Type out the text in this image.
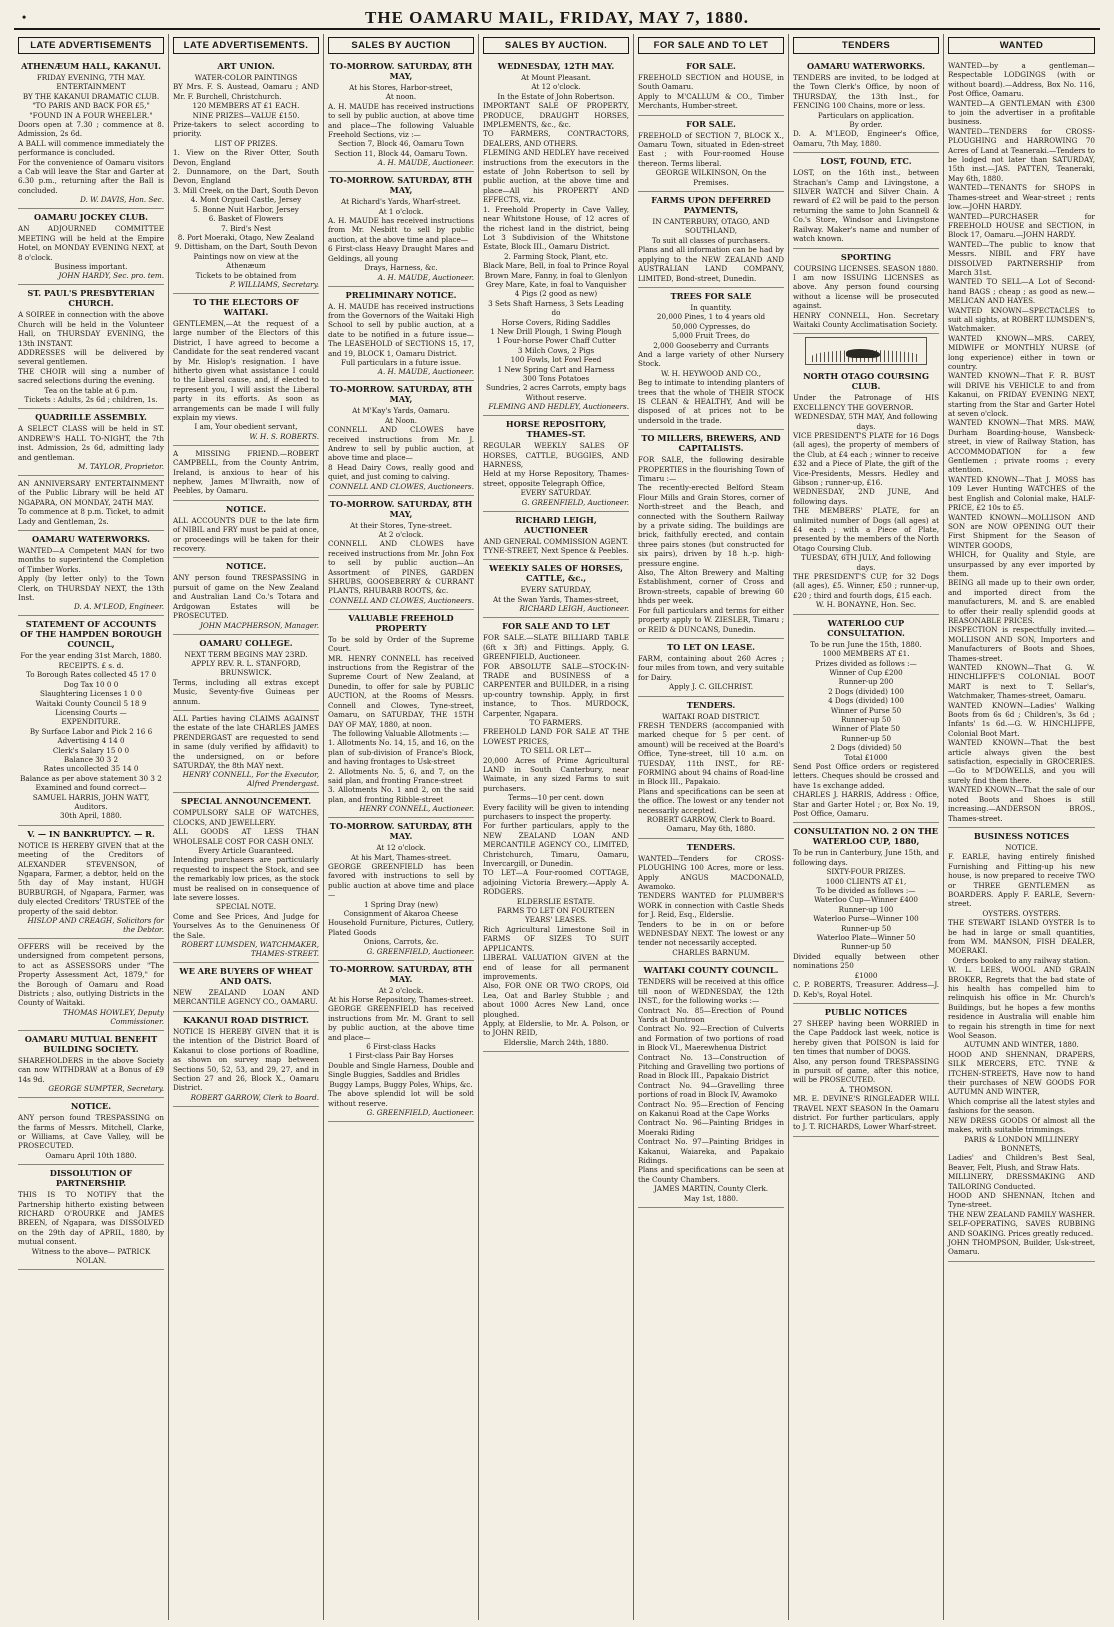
•	THE OAMARU MAIL, FRIDAY, MAY 7, 1880.
LATE ADVERTISEMENTS
ATHENÆUM HALL, KAKANUI.
FRIDAY EVENING, 7TH MAY.
ENTERTAINMENT
BY THE KAKANUI DRAMATIC CLUB.
"TO PARIS AND BACK FOR £5,"
"FOUND IN A FOUR WHEELER."
Doors open at 7.30 ; commence at 8. Admission, 2s 6d.
A BALL will commence immediately the performance is concluded.
For the convenience of Oamaru visitors a Cab will leave the Star and Garter at 6.30 p.m., returning after the Ball is concluded.
D. W. DAVIS, Hon. Sec.
OAMARU JOCKEY CLUB.
AN ADJOURNED COMMITTEE MEETING will be held at the Empire Hotel, on MONDAY EVENING NEXT, at 8 o'clock.
Business important.
JOHN HARDY, Sec. pro. tem.
ST. PAUL'S PRESBYTERIAN CHURCH.
A SOIREE in connection with the above Church will be held in the Volunteer Hall, on THURSDAY EVENING, the 13th INSTANT.
ADDRESSES will be delivered by several gentlemen.
THE CHOIR will sing a number of sacred selections during the evening.
Tea on the table at 6 p.m.
Tickets : Adults, 2s 6d ; children, 1s.
QUADRILLE ASSEMBLY.
A SELECT CLASS will be held in ST. ANDREW'S HALL TO-NIGHT, the 7th inst. Admission, 2s 6d, admitting lady and gentleman.
M. TAYLOR, Proprietor.
AN ANNIVERSARY ENTERTAINMENT of the Public Library will be held AT NGAPARA, ON MONDAY, 24TH MAY.
To commence at 8 p.m. Ticket, to admit Lady and Gentleman, 2s.
OAMARU WATERWORKS.
WANTED—A Competent MAN for two months to superintend the Completion of Timber Works.
Apply (by letter only) to the Town Clerk, on THURSDAY NEXT, the 13th Inst.
D. A. M'LEOD, Engineer.
STATEMENT OF ACCOUNTS OF THE HAMPDEN BOROUGH COUNCIL,
For the year ending 31st March, 1880.
RECEIPTS. £ s. d.
To Borough Rates collected 45 17 0
Dog Tax 10 0 0
Slaughtering Licenses 1 0 0
Waitaki County Council 5 18 9
Licensing Courts —
EXPENDITURE.
By Surface Labor and Pick 2 16 6
Advertising 4 14 0
Clerk's Salary 15 0 0
Balance 30 3 2
Rates uncollected 35 14 0
Balance as per above statement 30 3 2
Examined and found correct—
SAMUEL HARRIS, JOHN WATT, Auditors.
30th April, 1880.
V. — IN BANKRUPTCY. — R.
NOTICE IS HEREBY GIVEN that at the meeting of the Creditors of ALEXANDER STEVENSON, of Ngapara, Farmer, a debtor, held on the 5th day of May instant, HUGH BURBURGH, of Ngapara, Farmer, was duly elected Creditors' TRUSTEE of the property of the said debtor.
HISLOP AND CREAGH, Solicitors for the Debtor.
OFFERS will be received by the undersigned from competent persons, to act as ASSESSORS under "The Property Assessment Act, 1879," for the Borough of Oamaru and Road Districts ; also, outlying Districts in the County of Waitaki.
THOMAS HOWLEY, Deputy Commissioner.
OAMARU MUTUAL BENEFIT BUILDING SOCIETY.
SHAREHOLDERS in the above Society can now WITHDRAW at a Bonus of £9 14s 9d.
GEORGE SUMPTER, Secretary.
NOTICE.
ANY person found TRESPASSING on the farms of Messrs. Mitchell, Clarke, or Williams, at Cave Valley, will be PROSECUTED.
Oamaru April 10th 1880.
DISSOLUTION OF PARTNERSHIP.
THIS IS TO NOTIFY that the Partnership hitherto existing between RICHARD O'ROURKE and JAMES BREEN, of Ngapara, was DISSOLVED on the 29th day of APRIL, 1880, by mutual consent.
Witness to the above— PATRICK NOLAN.
LATE ADVERTISEMENTS.
ART UNION.
WATER-COLOR PAINTINGS
BY Mrs. F. S. Austead, Oamaru ; AND Mr. F. Burchell, Christchurch.
120 MEMBERS AT £1 EACH.
NINE PRIZES—VALUE £150.
Prize-takers to select according to priority.
LIST OF PRIZES.
1. View on the River Otter, South Devon, England
2. Dunnamore, on the Dart, South Devon, England
3. Mill Creek, on the Dart, South Devon
4. Mont Orgueil Castle, Jersey
5. Bonne Nuit Harbor, Jersey
6. Basket of Flowers
7. Bird's Nest
8. Port Moeraki, Otago, New Zealand
9. Dittisham, on the Dart, South Devon
Paintings now on view at the Athenæum
Tickets to be obtained from
P. WILLIAMS, Secretary.
TO THE ELECTORS OF WAITAKI.
GENTLEMEN,—At the request of a large number of the Electors of this District, I have agreed to become a Candidate for the seat rendered vacant by Mr. Hislop's resignation. I have hitherto given what assistance I could to the Liberal cause, and, if elected to represent you, I will assist the Liberal party in its efforts. As soon as arrangements can be made I will fully explain my views.
I am, Your obedient servant,
W. H. S. ROBERTS.
A MISSING FRIEND.—ROBERT CAMPBELL, from the County Antrim, Ireland, is anxious to hear of his nephew, James M'Ilwraith, now of Peebles, by Oamaru.
NOTICE.
ALL ACCOUNTS DUE to the late firm of NIBIL and FRY must be paid at once, or proceedings will be taken for their recovery.
NOTICE.
ANY person found TRESPASSING in pursuit of game on the New Zealand and Australian Land Co.'s Totara and Ardgowan Estates will be PROSECUTED.
JOHN MACPHERSON, Manager.
OAMARU COLLEGE.
NEXT TERM BEGINS MAY 23RD.
APPLY REV. R. L. STANFORD, BRUNSWICK.
Terms, including all extras except Music, Seventy-five Guineas per annum.
ALL Parties having CLAIMS AGAINST the estate of the late CHARLES JAMES PRENDERGAST are requested to send in same (duly verified by affidavit) to the undersigned, on or before SATURDAY, the 8th MAY next.
HENRY CONNELL, For the Executor, Alfred Prendergast.
SPECIAL ANNOUNCEMENT.
COMPULSORY SALE OF WATCHES, CLOCKS, AND JEWELLERY.
ALL GOODS AT LESS THAN WHOLESALE COST FOR CASH ONLY.
Every Article Guaranteed.
Intending purchasers are particularly requested to inspect the Stock, and see the remarkably low prices, as the stock must be realised on in consequence of late severe losses.
SPECIAL NOTE.
Come and See Prices, And Judge for Yourselves As to the Genuineness Of the Sale.
ROBERT LUMSDEN, WATCHMAKER, THAMES-STREET.
WE ARE BUYERS OF WHEAT AND OATS.
NEW ZEALAND LOAN AND MERCANTILE AGENCY CO., OAMARU.
KAKANUI ROAD DISTRICT.
NOTICE IS HEREBY GIVEN that it is the intention of the District Board of Kakanui to close portions of Roadline, as shown on survey map between Sections 50, 52, 53, and 29, 27, and in Section 27 and 26, Block X., Oamaru District.
ROBERT GARROW, Clerk to Board.
SALES BY AUCTION
TO-MORROW. SATURDAY, 8TH MAY,
At his Stores, Harbor-street,
At noon.
A. H. MAUDE has received instructions to sell by public auction, at above time and place—The following Valuable Freehold Sections, viz :—
Section 7, Block 46, Oamaru Town
Section 11, Block 44, Oamaru Town.
A. H. MAUDE, Auctioneer.
TO-MORROW. SATURDAY, 8TH MAY,
At Richard's Yards, Wharf-street.
At 1 o'clock.
A. H. MAUDE has received instructions from Mr. Nesbitt to sell by public auction, at the above time and place—
6 First-class Heavy Draught Mares and Geldings, all young
Drays, Harness, &c.
A. H. MAUDE, Auctioneer.
PRELIMINARY NOTICE.
A. H. MAUDE has received instructions from the Governors of the Waitaki High School to sell by public auction, at a date to be notified in a future issue—The LEASEHOLD of SECTIONS 15, 17, and 19, BLOCK 1, Oamaru District.
Full particulars in a future issue.
A. H. MAUDE, Auctioneer.
TO-MORROW. SATURDAY, 8TH MAY,
At M'Kay's Yards, Oamaru.
At Noon.
CONNELL AND CLOWES have received instructions from Mr. J. Andrew to sell by public auction, at above time and place—
8 Head Dairy Cows, really good and quiet, and just coming to calving.
CONNELL AND CLOWES, Auctioneers.
TO-MORROW. SATURDAY, 8TH MAY,
At their Stores, Tyne-street.
At 2 o'clock.
CONNELL AND CLOWES have received instructions from Mr. John Fox to sell by public auction—An Assortment of PINES, GARDEN SHRUBS, GOOSEBERRY & CURRANT PLANTS, RHUBARB ROOTS, &c.
CONNELL AND CLOWES, Auctioneers.
VALUABLE FREEHOLD PROPERTY
To be sold by Order of the Supreme Court.
MR. HENRY CONNELL has received instructions from the Registrar of the Supreme Court of New Zealand, at Dunedin, to offer for sale by PUBLIC AUCTION, at the Rooms of Messrs. Connell and Clowes, Tyne-street, Oamaru, on SATURDAY, THE 15TH DAY OF MAY, 1880, at noon.
The following Valuable Allotments :—
1. Allotments No. 14, 15, and 16, on the plan of sub-division of France's Block, and having frontages to Usk-street
2. Allotments No. 5, 6, and 7, on the said plan, and fronting France-street
3. Allotments No. 1 and 2, on the said plan, and fronting Ribble-street
HENRY CONNELL, Auctioneer.
TO-MORROW. SATURDAY, 8TH MAY.
At 12 o'clock.
At his Mart, Thames-street.
GEORGE GREENFIELD has been favored with instructions to sell by public auction at above time and place—
1 Spring Dray (new)
Consignment of Akaroa Cheese
Household Furniture, Pictures, Cutlery, Plated Goods
Onions, Carrots, &c.
G. GREENFIELD, Auctioneer.
TO-MORROW. SATURDAY, 8TH MAY.
At 2 o'clock.
At his Horse Repository, Thames-street.
GEORGE GREENFIELD has received instructions from Mr. M. Grant to sell by public auction, at the above time and place—
6 First-class Hacks
1 First-class Pair Bay Horses
Double and Single Harness, Double and Single Buggies, Saddles and Bridles
Buggy Lamps, Buggy Poles, Whips, &c.
The above splendid lot will be sold without reserve.
G. GREENFIELD, Auctioneer.
SALES BY AUCTION.
WEDNESDAY, 12TH MAY.
At Mount Pleasant.
At 12 o'clock.
In the Estate of John Robertson.
IMPORTANT SALE OF PROPERTY, PRODUCE, DRAUGHT HORSES, IMPLEMENTS, &c., &c.
TO FARMERS, CONTRACTORS, DEALERS, AND OTHERS.
FLEMING AND HEDLEY have received instructions from the executors in the estate of John Robertson to sell by public auction, at the above time and place—All his PROPERTY AND EFFECTS, viz.
1. Freehold Property in Cave Valley, near Whitstone House, of 12 acres of the richest land in the district, being Lot 3 Subdivision of the Whitstone Estate, Block III., Oamaru District.
2. Farming Stock, Plant, etc.
Black Mare, Bell, in foal to Prince Royal
Brown Mare, Fanny, in foal to Glenlyon
Grey Mare, Kate, in foal to Vanquisher
4 Pigs (2 good as new)
3 Sets Shaft Harness, 3 Sets Leading do
Horse Covers, Riding Saddles
1 New Drill Plough, 1 Swing Plough
1 Four-horse Power Chaff Cutter
3 Milch Cows, 2 Pigs
100 Fowls, lot Fowl Feed
1 New Spring Cart and Harness
300 Tons Potatoes
Sundries, 2 acres Carrots, empty bags
Without reserve.
FLEMING AND HEDLEY, Auctioneers.
HORSE REPOSITORY, THAMES-ST.
REGULAR WEEKLY SALES OF HORSES, CATTLE, BUGGIES, AND HARNESS,
Held at my Horse Repository, Thames-street, opposite Telegraph Office,
EVERY SATURDAY.
G. GREENFIELD, Auctioneer.
RICHARD LEIGH, AUCTIONEER
AND GENERAL COMMISSION AGENT.
TYNE-STREET, Next Spence & Peebles.
WEEKLY SALES OF HORSES, CATTLE, &c.,
EVERY SATURDAY,
At the Swan Yards, Thames-street,
RICHARD LEIGH, Auctioneer.
FOR SALE AND TO LET
FOR SALE.—SLATE BILLIARD TABLE (6ft x 3ft) and Fittings. Apply, G. GREENFIELD, Auctioneer.
FOR ABSOLUTE SALE—STOCK-IN-TRADE and BUSINESS of a CARPENTER and BUILDER, in a rising up-country township. Apply, in first instance, to Thos. MURDOCK, Carpenter, Ngapara.
TO FARMERS.
FREEHOLD LAND FOR SALE AT THE LOWEST PRICES,
TO SELL OR LET—
20,000 Acres of Prime Agricultural LAND in South Canterbury, near Waimate, in any sized Farms to suit purchasers.
Terms—10 per cent. down
Every facility will be given to intending purchasers to inspect the property.
For further particulars, apply to the NEW ZEALAND LOAN AND MERCANTILE AGENCY CO., LIMITED, Christchurch, Timaru, Oamaru, Invercargill, or Dunedin.
TO LET—A Four-roomed COTTAGE, adjoining Victoria Brewery.—Apply A. RODGERS.
ELDERSLIE ESTATE.
FARMS TO LET ON FOURTEEN YEARS' LEASES.
Rich Agricultural Limestone Soil in FARMS OF SIZES TO SUIT APPLICANTS.
LIBERAL VALUATION GIVEN at the end of lease for all permanent improvements.
Also, FOR ONE OR TWO CROPS, Old Lea, Oat and Barley Stubble ; and about 1000 Acres New Land, once ploughed.
Apply, at Elderslie, to Mr. A. Polson, or to JOHN REID,
Elderslie, March 24th, 1880.
FOR SALE AND TO LET
FOR SALE.
FREEHOLD SECTION and HOUSE, in South Oamaru.
Apply to M'CALLUM & CO., Timber Merchants, Humber-street.
FOR SALE.
FREEHOLD of SECTION 7, BLOCK X., Oamaru Town, situated in Eden-street East ; with Four-roomed House thereon. Terms liberal.
GEORGE WILKINSON, On the Premises.
FARMS UPON DEFERRED PAYMENTS,
IN CANTERBURY, OTAGO, AND SOUTHLAND,
To suit all classes of purchasers.
Plans and all information can be had by applying to the NEW ZEALAND AND AUSTRALIAN LAND COMPANY, LIMITED, Bond-street, Dunedin.
TREES FOR SALE
In quantity.
20,000 Pines, 1 to 4 years old
50,000 Cypresses, do
5,000 Fruit Trees, do
2,000 Gooseberry and Currants
And a large variety of other Nursery Stock.
W. H. HEYWOOD AND CO.,
Beg to intimate to intending planters of trees that the whole of THEIR STOCK IS CLEAN & HEALTHY, And will be disposed of at prices not to be undersold in the trade.
TO MILLERS, BREWERS, AND CAPITALISTS.
FOR SALE, the following desirable PROPERTIES in the flourishing Town of Timaru :—
The recently-erected Belford Steam Flour Mills and Grain Stores, corner of North-street and the Beach, and connected with the Southern Railway by a private siding. The buildings are brick, faithfully erected, and contain three pairs stones (but constructed for six pairs), driven by 18 h.-p. high-pressure engine.
Also, The Alton Brewery and Malting Establishment, corner of Cross and Brown-streets, capable of brewing 60 hhds per week.
For full particulars and terms for either property apply to W. ZIESLER, Timaru ; or REID & DUNCANS, Dunedin.
TO LET ON LEASE.
FARM, containing about 260 Acres ; four miles from town, and very suitable for Dairy.
Apply J. C. GILCHRIST.
TENDERS.
WAITAKI ROAD DISTRICT.
FRESH TENDERS (accompanied with marked cheque for 5 per cent. of amount) will be received at the Board's Office, Tyne-street, till 10 a.m. on TUESDAY, 11th INST., for RE-FORMING about 94 chains of Road-line in Block III., Papakaio.
Plans and specifications can be seen at the office. The lowest or any tender not necessarily accepted.
ROBERT GARROW, Clerk to Board.
Oamaru, May 6th, 1880.
TENDERS.
WANTED—Tenders for CROSS-PLOUGHING 100 Acres, more or less. Apply ANGUS MACDONALD, Awamoko.
TENDERS WANTED for PLUMBER'S WORK in connection with Castle Sheds for J. Reid, Esq., Elderslie.
Tenders to be in on or before WEDNESDAY NEXT. The lowest or any tender not necessarily accepted.
CHARLES BARNUM.
WAITAKI COUNTY COUNCIL.
TENDERS will be received at this office till noon of WEDNESDAY, the 12th INST., for the following works :—
Contract No. 85—Erection of Pound Yards at Duntroon
Contract No. 92—Erection of Culverts and Formation of two portions of road in Block VI., Maerewhenua District
Contract No. 13—Construction of Pitching and Gravelling two portions of Road in Block III., Papakaio District
Contract No. 94—Gravelling three portions of road in Block IV, Awamoko
Contract No. 95—Erection of Fencing on Kakanui Road at the Cape Works
Contract No. 96—Painting Bridges in Moeraki Riding
Contract No. 97—Painting Bridges in Kakanui, Waiareka, and Papakaio Ridings.
Plans and specifications can be seen at the County Chambers.
JAMES MARTIN, County Clerk.
May 1st, 1880.
TENDERS
OAMARU WATERWORKS.
TENDERS are invited, to be lodged at the Town Clerk's Office, by noon of THURSDAY, the 13th Inst., for FENCING 100 Chains, more or less.
Particulars on application.
By order.
D. A. M'LEOD, Engineer's Office, Oamaru, 7th May, 1880.
LOST, FOUND, ETC.
LOST, on the 16th inst., between Strachan's Camp and Livingstone, a SILVER WATCH and Silver Chain. A reward of £2 will be paid to the person returning the same to John Scannell & Co.'s Store, Windsor and Livingstone Railway. Maker's name and number of watch known.
SPORTING
COURSING LICENSES. SEASON 1880.
I am now ISSUING LICENSES as above. Any person found coursing without a license will be prosecuted against.
HENRY CONNELL, Hon. Secretary Waitaki County Acclimatisation Society.
NORTH OTAGO COURSING CLUB.
Under the Patronage of HIS EXCELLENCY THE GOVERNOR.
WEDNESDAY, 5TH MAY, And following days.
VICE PRESIDENT'S PLATE for 16 Dogs (all ages), the property of members of the Club, at £4 each ; winner to receive £32 and a Piece of Plate, the gift of the Vice-Presidents, Messrs. Hedley and Gibson ; runner-up, £16.
WEDNESDAY, 2ND JUNE, And following days.
THE MEMBERS' PLATE, for an unlimited number of Dogs (all ages) at £4 each ; with a Piece of Plate, presented by the members of the North Otago Coursing Club.
TUESDAY, 6TH JULY, And following days.
THE PRESIDENT'S CUP, for 32 Dogs (all ages), £5. Winner, £50 ; runner-up, £20 ; third and fourth dogs, £15 each.
W. H. BONAYNE, Hon. Sec.
WATERLOO CUP CONSULTATION.
To be run June the 15th, 1880.
1000 MEMBERS AT £1.
Prizes divided as follows :—
Winner of Cup £200
Runner-up 200
2 Dogs (divided) 100
4 Dogs (divided) 100
Winner of Purse 50
Runner-up 50
Winner of Plate 50
Runner-up 50
2 Dogs (divided) 50
Total £1000
Send Post Office orders or registered letters. Cheques should be crossed and have 1s exchange added.
CHARLES J. HARRIS, Address : Office, Star and Garter Hotel ; or, Box No. 19, Post Office, Oamaru.
CONSULTATION NO. 2 ON THE WATERLOO CUP, 1880,
To be run in Canterbury, June 15th, and following days.
SIXTY-FOUR PRIZES.
1000 CLIENTS AT £1,
To be divided as follows :—
Waterloo Cup—Winner £400
Runner-up 100
Waterloo Purse—Winner 100
Runner-up 50
Waterloo Plate—Winner 50
Runner-up 50
Divided equally between other nominations 250
£1000
C. P. ROBERTS, Treasurer. Address—J. D. Keb's, Royal Hotel.
PUBLIC NOTICES
27 SHEEP having been WORRIED in the Cape Paddock last week, notice is hereby given that POISON is laid for ten times that number of DOGS.
Also, any person found TRESPASSING in pursuit of game, after this notice, will be PROSECUTED.
A. THOMSON.
MR. E. DEVINE'S RINGLEADER WILL TRAVEL NEXT SEASON In the Oamaru district. For further particulars, apply to J. T. RICHARDS, Lower Wharf-street.
WANTED
WANTED—by a gentleman—Respectable LODGINGS (with or without board).—Address, Box No. 116, Post Office, Oamaru.
WANTED—A GENTLEMAN with £300 to join the advertiser in a profitable business.
WANTED—TENDERS for CROSS-PLOUGHING and HARROWING 70 Acres of Land at Teaneraki.—Tenders to be lodged not later than SATURDAY, 15th inst.—JAS. PATTEN, Teaneraki, May 6th, 1880.
WANTED—TENANTS for SHOPS in Thames-street and Wear-street ; rents low.—JOHN HARDY.
WANTED—PURCHASER for FREEHOLD HOUSE and SECTION, in Block 17, Oamaru.—JOHN HARDY.
WANTED—The public to know that Messrs. NIBIL and FRY have DISSOLVED PARTNERSHIP from March 31st.
WANTED TO SELL—A Lot of Second-hand BAGS ; cheap ; as good as new.—MELICAN AND HAYES.
WANTED KNOWN—SPECTACLES to suit all sights, at ROBERT LUMSDEN'S, Watchmaker.
WANTED KNOWN—MRS. CAREY, MIDWIFE or MONTHLY NURSE (of long experience) either in town or country.
WANTED KNOWN—That F. R. BUST will DRIVE his VEHICLE to and from Kakanui, on FRIDAY EVENING NEXT, starting from the Star and Garter Hotel at seven o'clock.
WANTED KNOWN—That MRS. MAW, Durham Boarding-house, Wansbeck-street, in view of Railway Station, has ACCOMMODATION for a few Gentlemen ; private rooms ; every attention.
WANTED KNOWN—That J. MOSS has 109 Lever Hunting WATCHES of the best English and Colonial make, HALF-PRICE, £2 10s to £5.
WANTED KNOWN—MOLLISON AND SON are NOW OPENING OUT their First Shipment for the Season of WINTER GOODS,
WHICH, for Quality and Style, are unsurpassed by any ever imported by them.
BEING all made up to their own order, and imported direct from the manufacturers, M. and S. are enabled to offer their really splendid goods at REASONABLE PRICES.
INSPECTION is respectfully invited.—MOLLISON AND SON, Importers and Manufacturers of Boots and Shoes, Thames-street.
WANTED KNOWN—That G. W. HINCHLIFFE'S COLONIAL BOOT MART is next to T. Sellar's, Watchmaker, Thames-street, Oamaru.
WANTED KNOWN—Ladies' Walking Boots from 6s 6d ; Children's, 3s 6d ; Infants' 1s 6d.—G. W. HINCHLIFFE, Colonial Boot Mart.
WANTED KNOWN—That the best article always given the best satisfaction, especially in GROCERIES.—Go to M'DOWELLS, and you will surely find them there.
WANTED KNOWN—That the sale of our noted Boots and Shoes is still increasing.—ANDERSON BROS., Thames-street.
BUSINESS NOTICES
NOTICE.
F. EARLE, having entirely finished Furnishing and Fitting-up his new house, is now prepared to receive TWO or THREE GENTLEMEN as BOARDERS. Apply F. EARLE, Severn-street.
OYSTERS. OYSTERS.
THE STEWART ISLAND OYSTER Is to be had in large or small quantities, from WM. MANSON, FISH DEALER, MOERAKI.
Orders booked to any railway station.
W. L. LEES, WOOL AND GRAIN BROKER, Regrets that the bad state of his health has compelled him to relinquish his office in Mr. Church's Buildings, but he hopes a few months residence in Australia will enable him to regain his strength in time for next Wool Season.
AUTUMN AND WINTER, 1880.
HOOD AND SHENNAN, DRAPERS, SILK MERCERS, ETC. TYNE & ITCHEN-STREETS, Have now to hand their purchases of NEW GOODS FOR AUTUMN AND WINTER,
Which comprise all the latest styles and fashions for the season.
NEW DRESS GOODS Of almost all the makes, with suitable trimmings.
PARIS & LONDON MILLINERY BONNETS,
Ladies' and Children's Best Seal, Beaver, Felt, Plush, and Straw Hats.
MILLINERY, DRESSMAKING AND TAILORING Conducted.
HOOD AND SHENNAN, Itchen and Tyne-street.
THE NEW ZEALAND FAMILY WASHER.
SELF-OPERATING, SAVES RUBBING AND SOAKING. Prices greatly reduced.
JOHN THOMPSON, Builder, Usk-street, Oamaru.
